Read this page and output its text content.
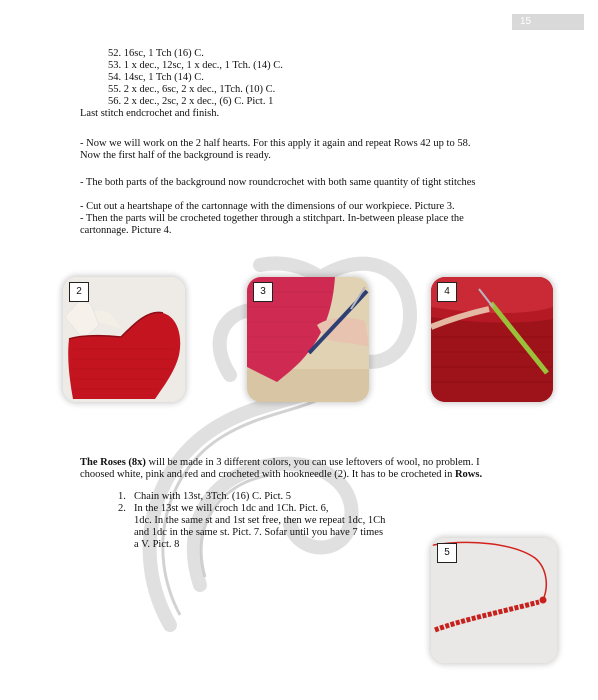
15
52. 16sc, 1 Tch (16) C.
53. 1 x dec., 12sc, 1 x dec., 1 Tch. (14) C.
54. 14sc, 1 Tch (14) C.
55. 2 x dec., 6sc, 2 x dec., 1Tch. (10) C.
56. 2 x dec., 2sc, 2 x dec., (6) C. Pict. 1
Last stitch endcrochet and finish.
- Now we will work on the 2 half hearts. For this apply it again and repeat Rows 42 up to 58.
Now the first half of the background is ready.
- The both parts of the background now roundcrochet with both same quantity of tight stitches
- Cut out a heartshape of the cartonnage with the dimensions of our workpiece. Picture 3.
- Then the parts will be crocheted together through a stitchpart. In-between please place the
cartonnage. Picture 4.
2	3	4
The Roses (8x) will be made in 3 different colors, you can use leftovers of wool, no problem. I
choosed white, pink and red and crocheted with hookneedle (2). It has to be crocheted in Rows.
1. Chain with 13st, 3Tch. (16) C. Pict. 5
2. In the 13st we will croch 1dc and 1Ch. Pict. 6,
1dc. In the same st and 1st set free, then we repeat 1dc, 1Ch
and 1dc in the same st. Pict. 7. Sofar until you have 7 times
a V. Pict. 8
5
